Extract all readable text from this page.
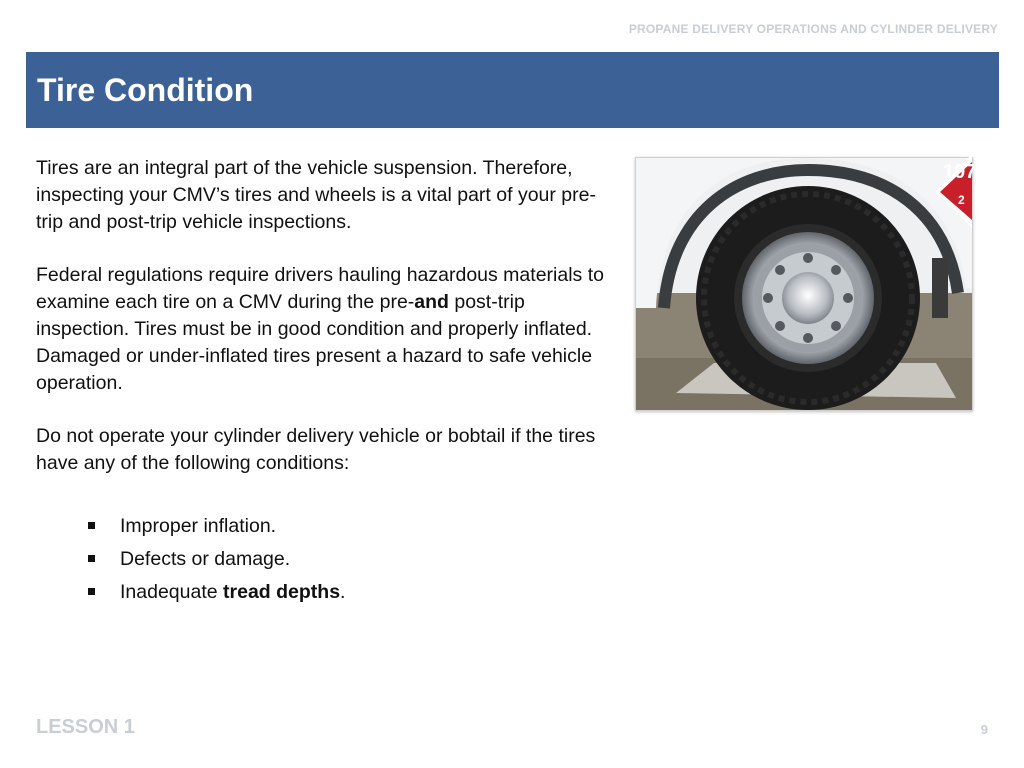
PROPANE DELIVERY OPERATIONS AND CYLINDER DELIVERY
Tire Condition

Tires are an integral part of the vehicle suspension. Therefore, inspecting your CMV’s tires and wheels is a vital part of your pre-trip and post-trip vehicle inspections.

Federal regulations require drivers hauling hazardous materials to examine each tire on a CMV during the pre-and post-trip inspection. Tires must be in good condition and properly inflated. Damaged or under-inflated tires present a hazard to safe vehicle operation.

Do not operate your cylinder delivery vehicle or bobtail if the tires have any of the following conditions:

Improper inflation.
Defects or damage.
Inadequate tread depths.
107
2
LESSON 1	9
